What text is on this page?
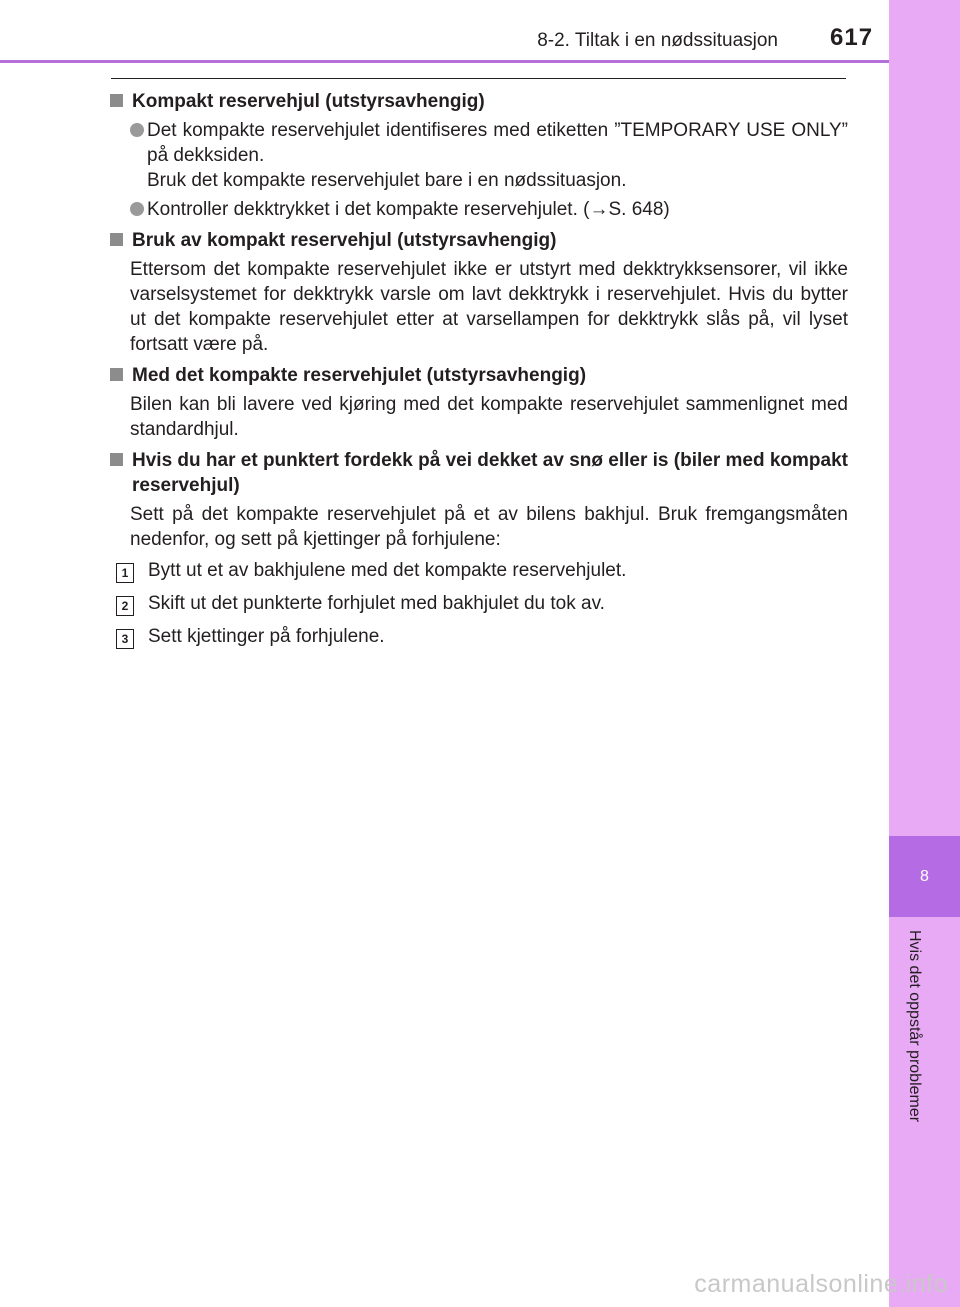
8-2. Tiltak i en nødssituasjon 617
8
Hvis det oppstår problemer
Kompakt reservehjul (utstyrsavhengig)
Det kompakte reservehjulet identifiseres med etiketten ”TEMPORARY USE ONLY” på dekksiden.
Bruk det kompakte reservehjulet bare i en nødssituasjon.
Kontroller dekktrykket i det kompakte reservehjulet. (→S. 648)
Bruk av kompakt reservehjul (utstyrsavhengig)
Ettersom det kompakte reservehjulet ikke er utstyrt med dekktrykksensorer, vil ikke varselsystemet for dekktrykk varsle om lavt dekktrykk i reservehjulet. Hvis du bytter ut det kompakte reservehjulet etter at varsellampen for dekktrykk slås på, vil lyset fortsatt være på.
Med det kompakte reservehjulet (utstyrsavhengig)
Bilen kan bli lavere ved kjøring med det kompakte reservehjulet sammenlignet med standardhjul.
Hvis du har et punktert fordekk på vei dekket av snø eller is (biler med kompakt reservehjul)
Sett på det kompakte reservehjulet på et av bilens bakhjul. Bruk fremgangsmåten nedenfor, og sett på kjettinger på forhjulene:
1 Bytt ut et av bakhjulene med det kompakte reservehjulet.
2 Skift ut det punkterte forhjulet med bakhjulet du tok av.
3 Sett kjettinger på forhjulene.
carmanualsonline.info
